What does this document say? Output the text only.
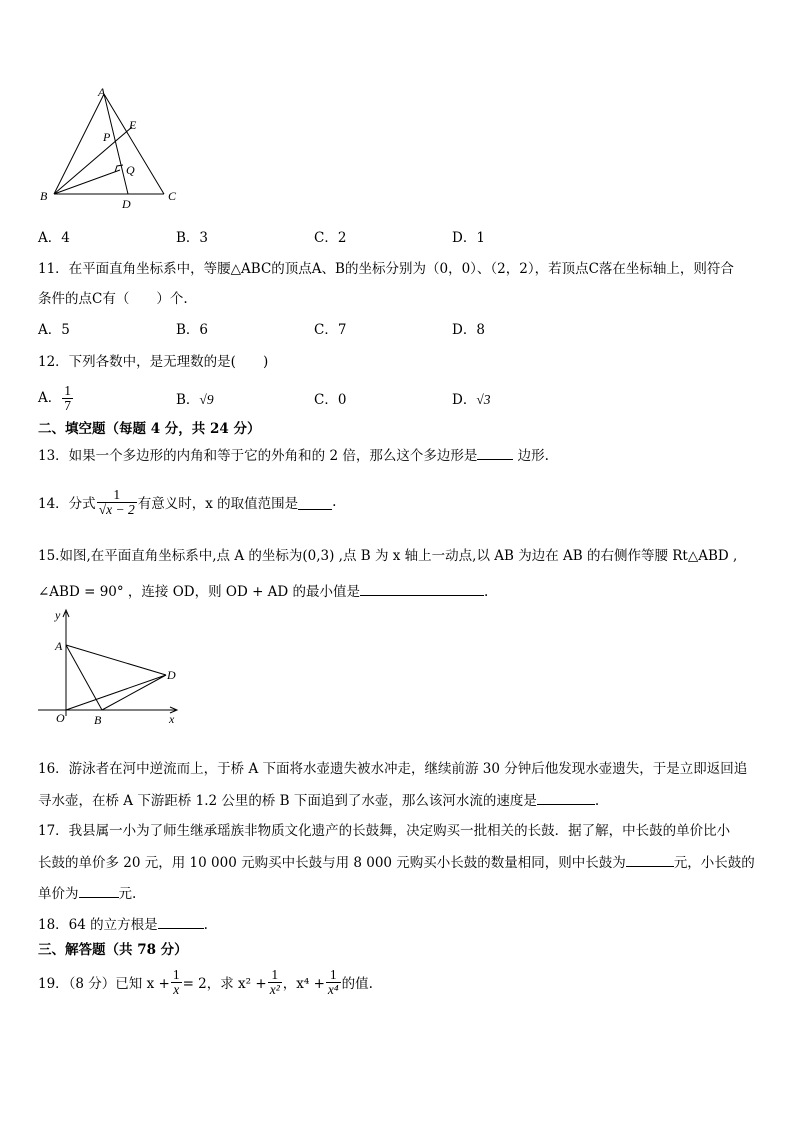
A
B	C
D
E
P
Q
A．4	B．3	C．2	D．1
11．在平面直角坐标系中，等腰△ABC的顶点A、B的坐标分别为（0，0）、（2，2），若顶点C落在坐标轴上，则符合
条件的点C有（　　）个.
A．5	B．6	C．7	D．8
12．下列各数中，是无理数的是(　　)
A． $\frac{1}{7}$	B．√9	C．0	D．√3
二、填空题（每题 4 分，共 24 分）
13．如果一个多边形的内角和等于它的外角和的 2 倍，那么这个多边形是	边形.
14．分式 $\frac{1}{√x - 2}$ 有意义时，x 的取值范围是	.
15.如图,在平面直角坐标系中,点 A 的坐标为(0,3) ,点 B 为 x 轴上一动点,以 AB 为边在 AB 的右侧作等腰 Rt△ABD ,
∠ABD = 90° ，连接 OD，则 OD + AD 的最小值是	.
y
x
O
A
B
D
16．游泳者在河中逆流而上，于桥 A 下面将水壶遗失被水冲走，继续前游 30 分钟后他发现水壶遗失，于是立即返回追
寻水壶，在桥 A 下游距桥 1.2 公里的桥 B 下面追到了水壶，那么该河水流的速度是	.
17．我县属一小为了师生继承瑶族非物质文化遗产的长鼓舞，决定购买一批相关的长鼓．据了解，中长鼓的单价比小
长鼓的单价多 20 元，用 10 000 元购买中长鼓与用 8 000 元购买小长鼓的数量相同，则中长鼓为	元，小长鼓的
单价为	元.
18．64 的立方根是	.
三、解答题（共 78 分）
19．（8 分）已知 $x + \frac{1}{x} = 2$，求 $x^2 + \frac{1}{\text{x²}}$ ，$x^4 + \frac{1}{\text{x⁴}}$ 的值.
